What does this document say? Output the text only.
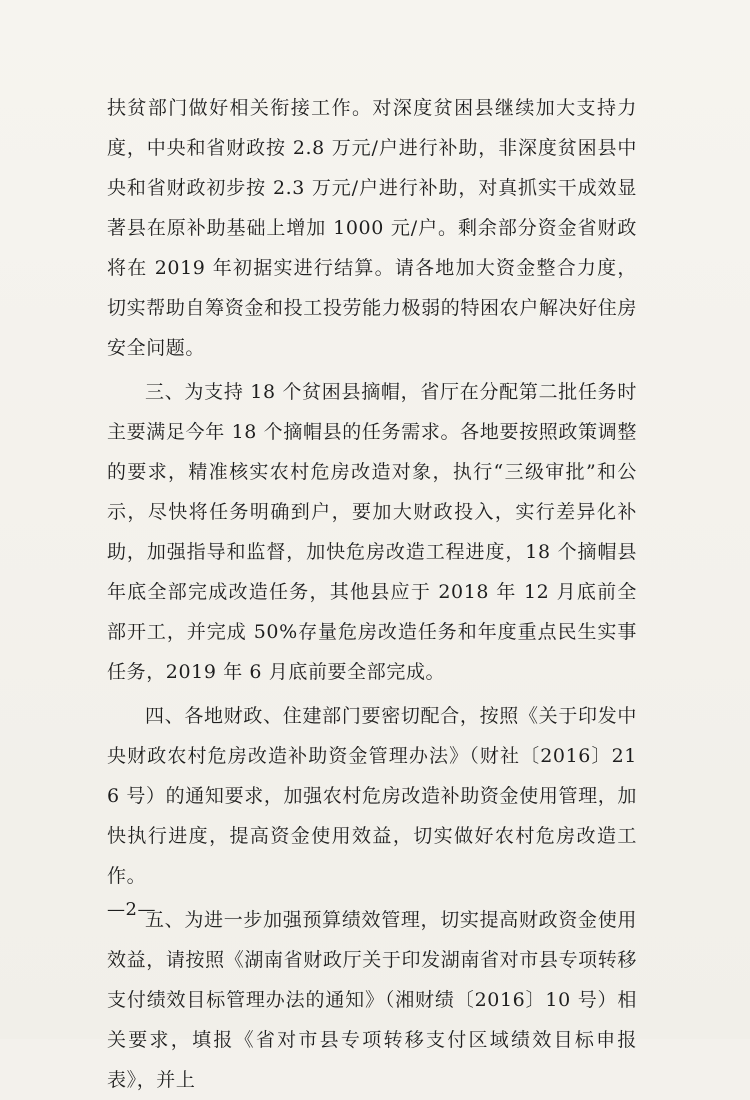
扶贫部门做好相关衔接工作。对深度贫困县继续加大支持力度，中央和省财政按 2.8 万元/户进行补助，非深度贫困县中央和省财政初步按 2.3 万元/户进行补助，对真抓实干成效显著县在原补助基础上增加 1000 元/户。剩余部分资金省财政将在 2019 年初据实进行结算。请各地加大资金整合力度，切实帮助自筹资金和投工投劳能力极弱的特困农户解决好住房安全问题。

三、为支持 18 个贫困县摘帽，省厅在分配第二批任务时主要满足今年 18 个摘帽县的任务需求。各地要按照政策调整的要求，精准核实农村危房改造对象，执行“三级审批”和公示，尽快将任务明确到户，要加大财政投入，实行差异化补助，加强指导和监督，加快危房改造工程进度，18 个摘帽县年底全部完成改造任务，其他县应于 2018 年 12 月底前全部开工，并完成 50%存量危房改造任务和年度重点民生实事任务，2019 年 6 月底前要全部完成。

四、各地财政、住建部门要密切配合，按照《关于印发中央财政农村危房改造补助资金管理办法》（财社〔2016〕216 号）的通知要求，加强农村危房改造补助资金使用管理，加快执行进度，提高资金使用效益，切实做好农村危房改造工作。

五、为进一步加强预算绩效管理，切实提高财政资金使用效益，请按照《湖南省财政厅关于印发湖南省对市县专项转移支付绩效目标管理办法的通知》（湘财绩〔2016〕10 号）相关要求，填报《省对市县专项转移支付区域绩效目标申报表》，并上

—2—
